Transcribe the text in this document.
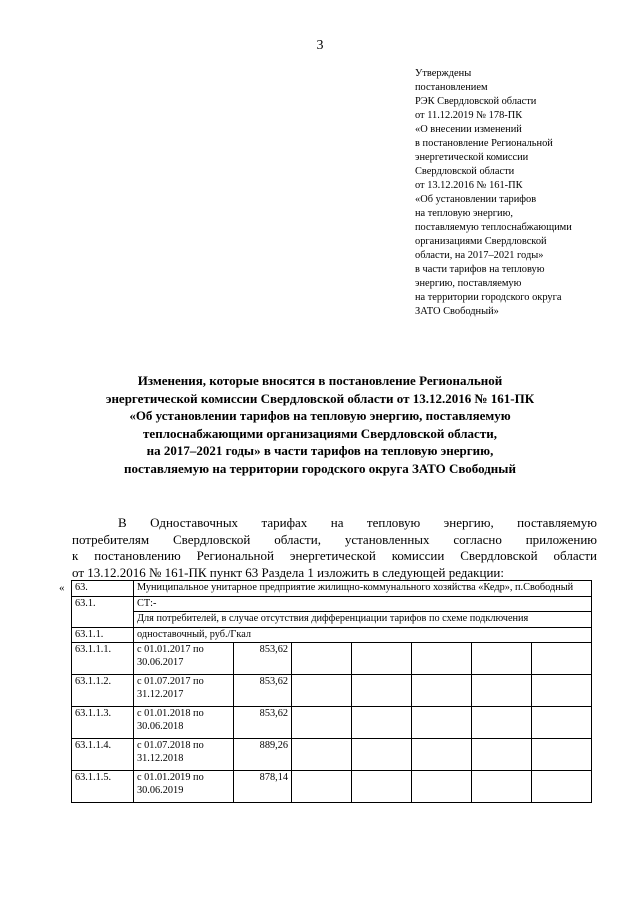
3
Утверждены
постановлением
РЭК Свердловской области
от 11.12.2019 № 178-ПК
«О внесении изменений
в постановление Региональной
энергетической комиссии
Свердловской области
от 13.12.2016 № 161-ПК
«Об установлении тарифов
на тепловую энергию,
поставляемую теплоснабжающими
организациями Свердловской
области, на 2017–2021 годы»
в части тарифов на тепловую
энергию, поставляемую
на территории городского округа
ЗАТО Свободный»
Изменения, которые вносятся в постановление Региональной
энергетической комиссии Свердловской области от 13.12.2016 № 161-ПК
«Об установлении тарифов на тепловую энергию, поставляемую
теплоснабжающими организациями Свердловской области,
на 2017–2021 годы» в части тарифов на тепловую энергию,
поставляемую на территории городского округа ЗАТО Свободный
В Одноставочных тарифах на тепловую энергию, поставляемую
потребителям Свердловской области, установленных согласно приложению
к постановлению Региональной энергетической комиссии Свердловской области
от 13.12.2016 № 161-ПК пункт 63 Раздела 1 изложить в следующей редакции:
« 63.	Муниципальное унитарное предприятие жилищно-коммунального хозяйства «Кедр», п.Свободный						
63.1.	СТ:-						
	Для потребителей, в случае отсутствия дифференциации тарифов по схеме подключения						
63.1.1.	одноставочный, руб./Гкал						
63.1.1.1.	с 01.01.2017 по 30.06.2017	853,62					
63.1.1.2.	с 01.07.2017 по 31.12.2017	853,62					
63.1.1.3.	с 01.01.2018 по 30.06.2018	853,62					
63.1.1.4.	с 01.07.2018 по 31.12.2018	889,26					
63.1.1.5.	с 01.01.2019 по 30.06.2019	878,14					
